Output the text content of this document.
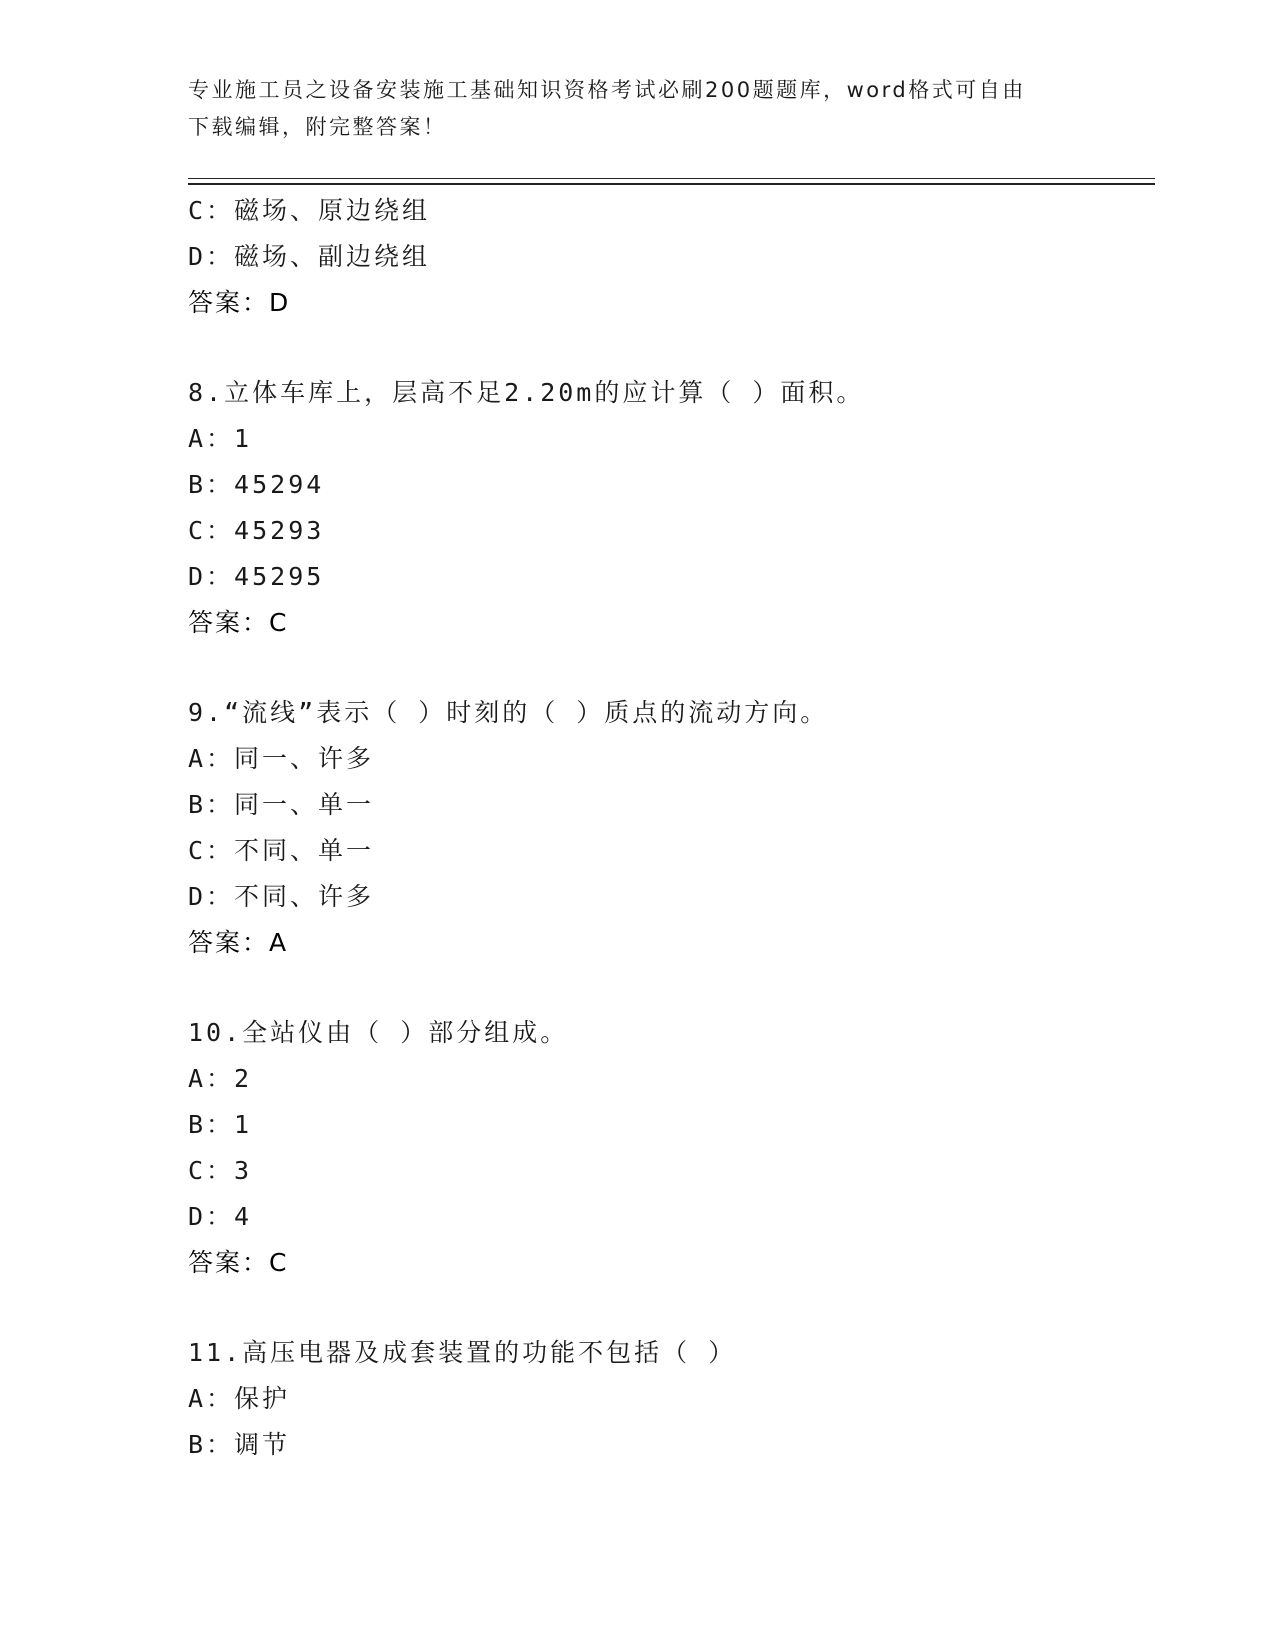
专业施工员之设备安装施工基础知识资格考试必刷200题题库，word格式可自由
下载编辑，附完整答案！
C：磁场、原边绕组
D：磁场、副边绕组
答案：D
8.立体车库上，层高不足2.20m的应计算（ ）面积。
A：1
B：45294
C：45293
D：45295
答案：C
9.“流线”表示（ ）时刻的（ ）质点的流动方向。
A：同一、许多
B：同一、单一
C：不同、单一
D：不同、许多
答案：A
10.全站仪由（ ）部分组成。
A：2
B：1
C：3
D：4
答案：C
11.高压电器及成套装置的功能不包括（ ）
A：保护
B：调节
